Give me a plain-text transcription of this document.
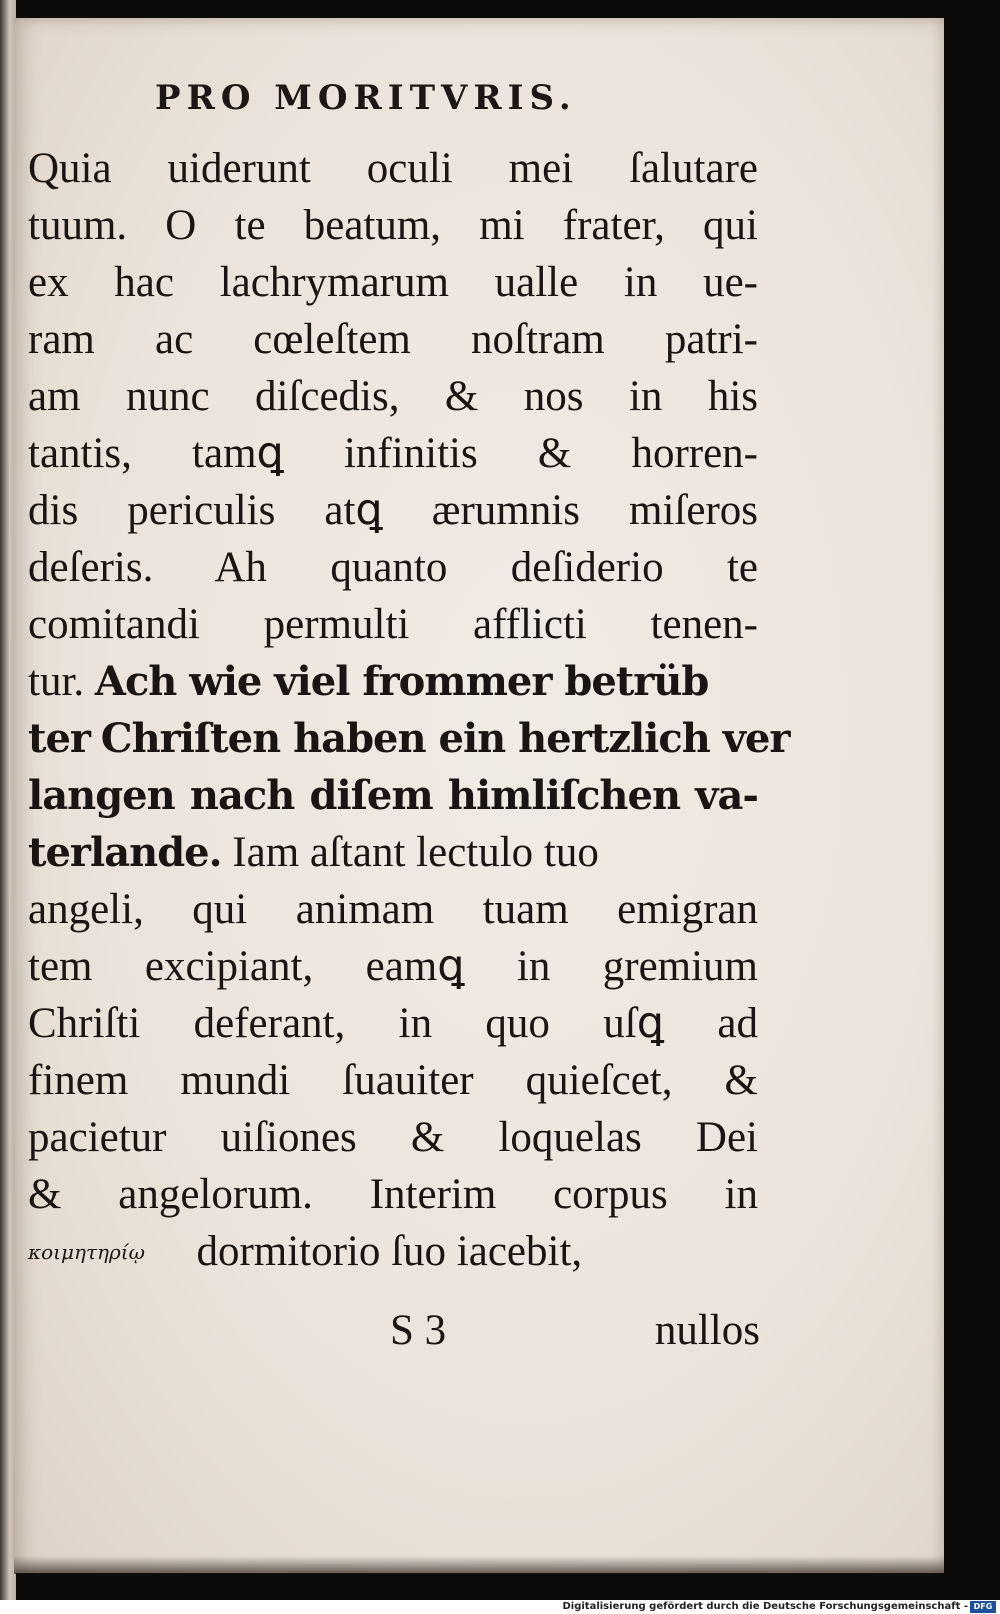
PRO MORITVRIS.
Quia uiderunt oculi mei ſalutare
tuum. O te beatum, mi frater, qui
ex hac lachrymarum ualle in ue-
ram ac cœleſtem noſtram patri-
am nunc diſcedis, & nos in his
tantis, tamꝗ infinitis & horren-
dis periculis atꝗ ærumnis miſeros
deſeris. Ah quanto deſiderio te
comitandi permulti afflicti tenen-
tur. Ach wie viel frommer betrüb
ter Chriſten haben ein hertzlich ver
langen nach diſem himliſchen va-
terlande. Iam aſtant lectulo tuo
angeli, qui animam tuam emigran
tem excipiant, eamꝗ in gremium
Chriſti deferant, in quo uſꝗ ad
finem mundi ſuauiter quieſcet, &
pacietur uiſiones & loquelas Dei
& angelorum. Interim corpus in
κοιμητηρίῳ dormitorio ſuo iacebit,
S 3	nullos
Digitalisierung gefördert durch die Deutsche Forschungsgemeinschaft - DFG
